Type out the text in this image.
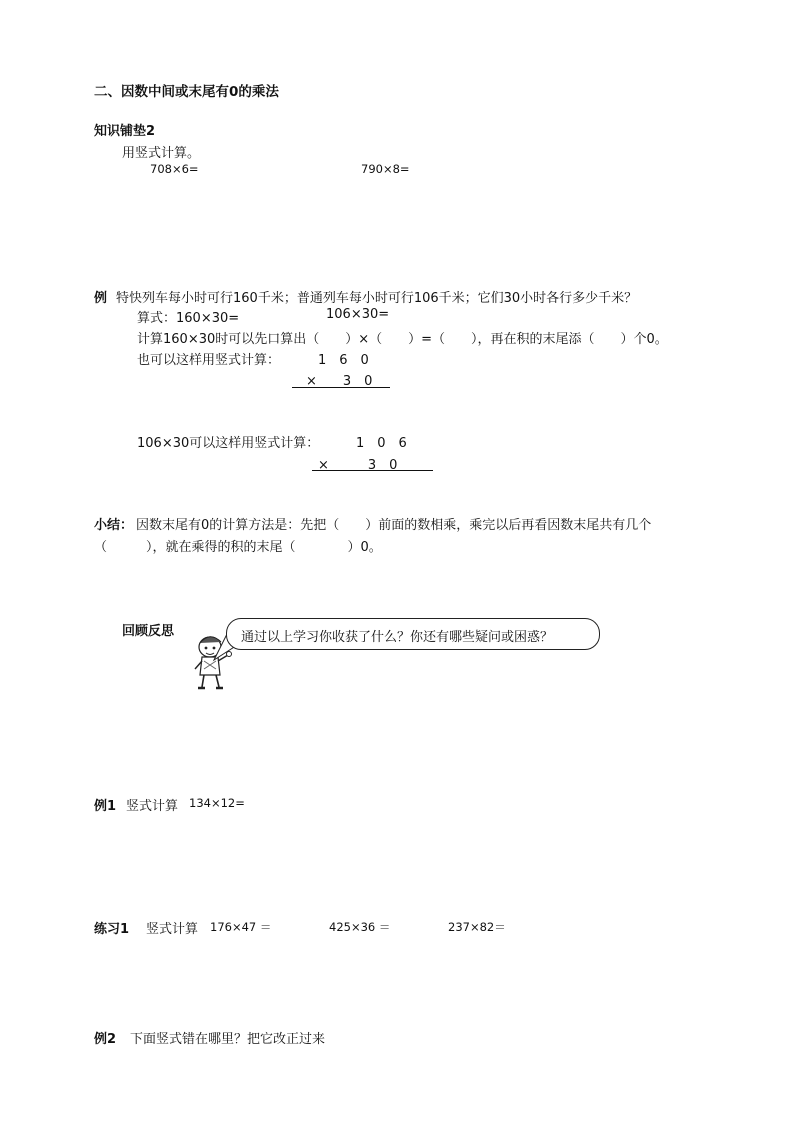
二、因数中间或末尾有0的乘法
知识铺垫2
用竖式计算。
708×6=	790×8=
例 特快列车每小时可行160千米；普通列车每小时可行106千米；它们30小时各行多少千米？
算式：160×30=	106×30=
计算160×30时可以先口算出（　　）×（　　）=（　　），再在积的末尾添（　　）个0。
也可以这样用竖式计算：	1　6　0
×　　3　0
106×30可以这样用竖式计算：	1　0　6
×　　　3　0
小结： 因数末尾有0的计算方法是：先把（　　）前面的数相乘，乘完以后再看因数末尾共有几个
（　　　），就在乘得的积的末尾（　　　　）0。
回顾反思	通过以上学习你收获了什么？你还有哪些疑问或困惑？
例1 竖式计算 134×12=
练习1 竖式计算 176×47 ＝	425×36 ＝	237×82＝
例2 下面竖式错在哪里？把它改正过来
